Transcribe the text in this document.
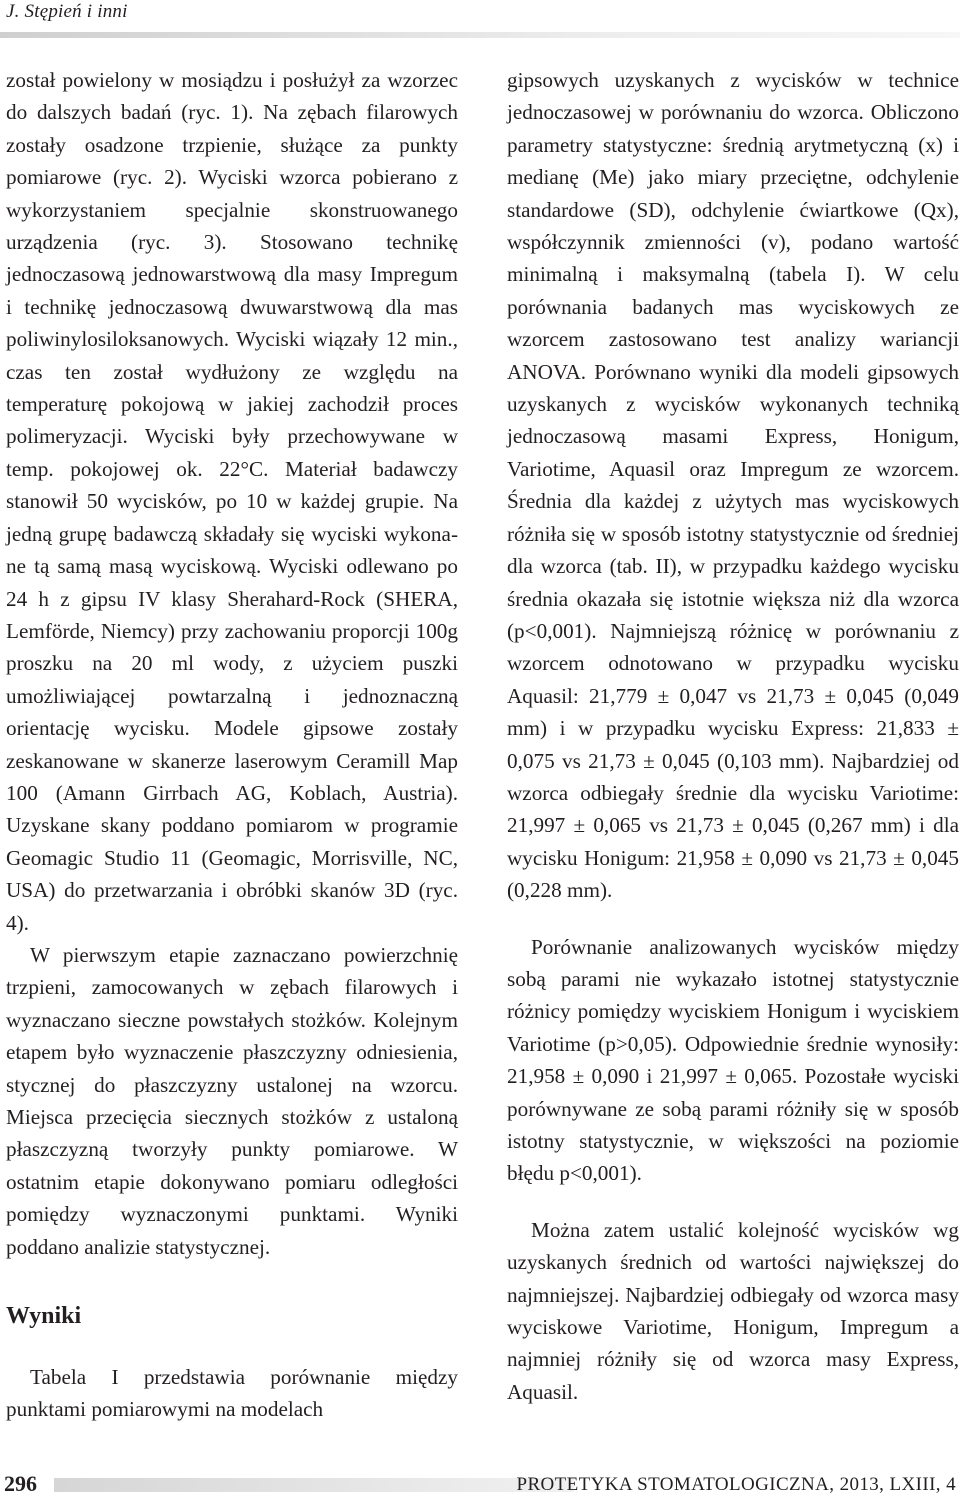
J. Stępień i inni

został powielony w mosiądzu i posłużył za wzorzec do dalszych badań (ryc. 1). Na zębach filarowych zostały osadzone trzpienie, służące za punkty pomiarowe (ryc. 2). Wyciski wzorca pobierano z wykorzystaniem specjalnie skonstruowanego urządzenia (ryc. 3). Stosowano technikę jednoczasową jednowarstwową dla masy Impregum i technikę jednoczasową dwuwarstwową dla mas poliwinylosiloksanowych. Wyciski wiązały 12 min., czas ten został wydłużony ze względu na temperaturę pokojową w jakiej zachodził proces polimeryzacji. Wyciski były przechowywane w temp. pokojowej ok. 22°C. Materiał badawczy stanowił 50 wycisków, po 10 w każdej grupie. Na jedną grupę badawczą składały się wyciski wykonane tą samą masą wyciskową. Wyciski odlewano po 24 h z gipsu IV klasy Sherahard-Rock (SHERA, Lemförde, Niemcy) przy zachowaniu proporcji 100g proszku na 20 ml wody, z użyciem puszki umożliwiającej powtarzalną i jednoznaczną orientację wycisku. Modele gipsowe zostały zeskanowane w skanerze laserowym Ceramill Map 100 (Amann Girrbach AG, Koblach, Austria). Uzyskane skany poddano pomiarom w programie Geomagic Studio 11 (Geomagic, Morrisville, NC, USA) do przetwarzania i obróbki skanów 3D (ryc. 4).

W pierwszym etapie zaznaczano powierzchnię trzpieni, zamocowanych w zębach filarowych i wyznaczano sieczne powstałych stożków. Kolejnym etapem było wyznaczenie płaszczyzny odniesienia, stycznej do płaszczyzny ustalonej na wzorcu. Miejsca przecięcia siecznych stożków z ustaloną płaszczyzną tworzyły punkty pomiarowe. W ostatnim etapie dokonywano pomiaru odległości pomiędzy wyznaczonymi punktami. Wyniki poddano analizie statystycznej.

Wyniki

Tabela I przedstawia porównanie między punktami pomiarowymi na modelach

gipsowych uzyskanych z wycisków w technice jednoczasowej w porównaniu do wzorca. Obliczono parametry statystyczne: średnią arytmetyczną (x) i medianę (Me) jako miary przeciętne, odchylenie standardowe (SD), odchylenie ćwiartkowe (Qx), współczynnik zmienności (v), podano wartość minimalną i maksymalną (tabela I). W celu porównania badanych mas wyciskowych ze wzorcem zastosowano test analizy wariancji ANOVA. Porównano wyniki dla modeli gipsowych uzyskanych z wycisków wykonanych techniką jednoczasową masami Express, Honigum, Variotime, Aquasil oraz Impregum ze wzorcem. Średnia dla każdej z użytych mas wyciskowych różniła się w sposób istotny statystycznie od średniej dla wzorca (tab. II), w przypadku każdego wycisku średnia okazała się istotnie większa niż dla wzorca (p<0,001). Najmniejszą różnicę w porównaniu z wzorcem odnotowano w przypadku wycisku Aquasil: 21,779 ± 0,047 vs 21,73 ± 0,045 (0,049 mm) i w przypadku wycisku Express: 21,833 ± 0,075 vs 21,73 ± 0,045 (0,103 mm). Najbardziej od wzorca odbiegały średnie dla wycisku Variotime: 21,997 ± 0,065 vs 21,73 ± 0,045 (0,267 mm) i dla wycisku Honigum: 21,958 ± 0,090 vs 21,73 ± 0,045 (0,228 mm).

Porównanie analizowanych wycisków między sobą parami nie wykazało istotnej statystycznie różnicy pomiędzy wyciskiem Honigum i wyciskiem Variotime (p>0,05). Odpowiednie średnie wynosiły: 21,958 ± 0,090 i 21,997 ± 0,065. Pozostałe wyciski porównywane ze sobą parami różniły się w sposób istotny statystycznie, w większości na poziomie błędu p<0,001).

Można zatem ustalić kolejność wycisków wg uzyskanych średnich od wartości największej do najmniejszej. Najbardziej odbiegały od wzorca masy wyciskowe Variotime, Honigum, Impregum a najmniej różniły się od wzorca masy Express, Aquasil.

296	PROTETYKA STOMATOLOGICZNA, 2013, LXIII, 4
